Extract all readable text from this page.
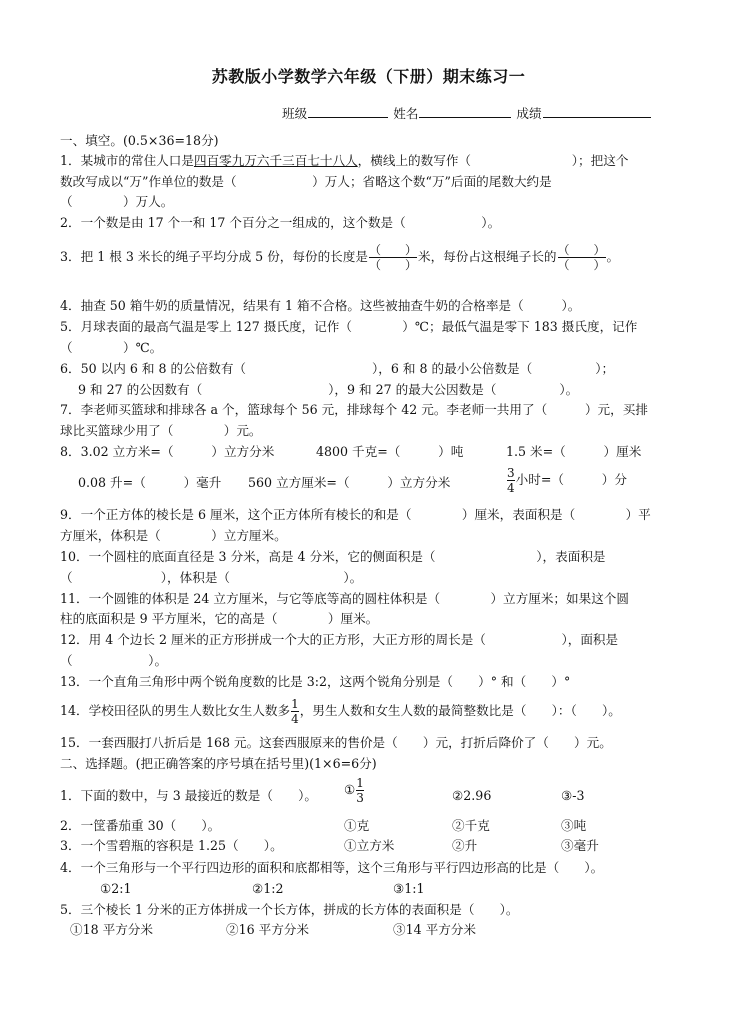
苏教版小学数学六年级（下册）期末练习一
班级	姓名	成绩
一、填空。(0.5×36=18分)
1．某城市的常住人口是四百零九万六千三百七十八人，横线上的数写作（　　　　　　　　）；把这个
数改写成以“万”作单位的数是（　　　　　　）万人；省略这个数“万”后面的尾数大约是
（　　　　）万人。
2．一个数是由 17 个一和 17 个百分之一组成的，这个数是（　　　　　　）。
3．把 1 根 3 米长的绳子平均分成 5 份，每份的长度是 （　　）
（　　）
米，每份占这根绳子长的 （　　）
（　　）
。
4．抽查 50 箱牛奶的质量情况，结果有 1 箱不合格。这些被抽查牛奶的合格率是（　　　）。
5．月球表面的最高气温是零上 127 摄氏度，记作（　　　　）℃；最低气温是零下 183 摄氏度，记作
（　　　　）℃。
6．50 以内 6 和 8 的公倍数有（　　　　　　　　　　），6 和 8 的最小公倍数是（　　　　　）；
9 和 27 的公因数有（　　　　　　　　　　），9 和 27 的最大公因数是（　　　　　）。
7．李老师买篮球和排球各 a 个，篮球每个 56 元，排球每个 42 元。李老师一共用了（　　　）元，买排
球比买篮球少用了（　　　　）元。
8．3.02 立方米=（　　　）立方分米	4800 千克=（　　　）吨	1.5 米=（　　　）厘米
0.08 升=（　　　）毫升 560 立方厘米=（　　　）立方分米	$\frac{3}{4}$ 小时=（　　　）分
9．一个正方体的棱长是 6 厘米，这个正方体所有棱长的和是（　　　　）厘米，表面积是（　　　　）平
方厘米，体积是（　　　　）立方厘米。
10．一个圆柱的底面直径是 3 分米，高是 4 分米，它的侧面积是（　　　　　　　　），表面积是
（　　　　　　　），体积是（　　　　　　　　　）。
11．一个圆锥的体积是 24 立方厘米，与它等底等高的圆柱体积是（　　　　）立方厘米；如果这个圆
柱的底面积是 9 平方厘米，它的高是（　　　　）厘米。
12．用 4 个边长 2 厘米的正方形拼成一个大的正方形，大正方形的周长是（　　　　　　），面积是
（　　　　　　）。
13．一个直角三角形中两个锐角度数的比是 3:2，这两个锐角分别是（　　）° 和（　　）°
14．学校田径队的男生人数比女生人数多 $\frac{1}{4}$ ，男生人数和女生人数的最简整数比是（　　）：（　　）。
15．一套西服打八折后是 168 元。这套西服原来的售价是（　　）元，打折后降价了（　　）元。
二、选择题。(把正确答案的序号填在括号里)(1×6=6分)
1．下面的数中，与 3 最接近的数是（　　）。 ① $\frac{1}{3}$	②2.96	③-3
2．一筐番茄重 30（　　）。	①克	②千克	③吨
3．一个雪碧瓶的容积是 1.25（　　）。	①立方米	②升	③毫升
4．一个三角形与一个平行四边形的面积和底都相等，这个三角形与平行四边形高的比是（　　）。
①2:1	②1:2	③1:1
5．三个棱长 1 分米的正方体拼成一个长方体，拼成的长方体的表面积是（　　）。
①18 平方分米	②16 平方分米	③14 平方分米
